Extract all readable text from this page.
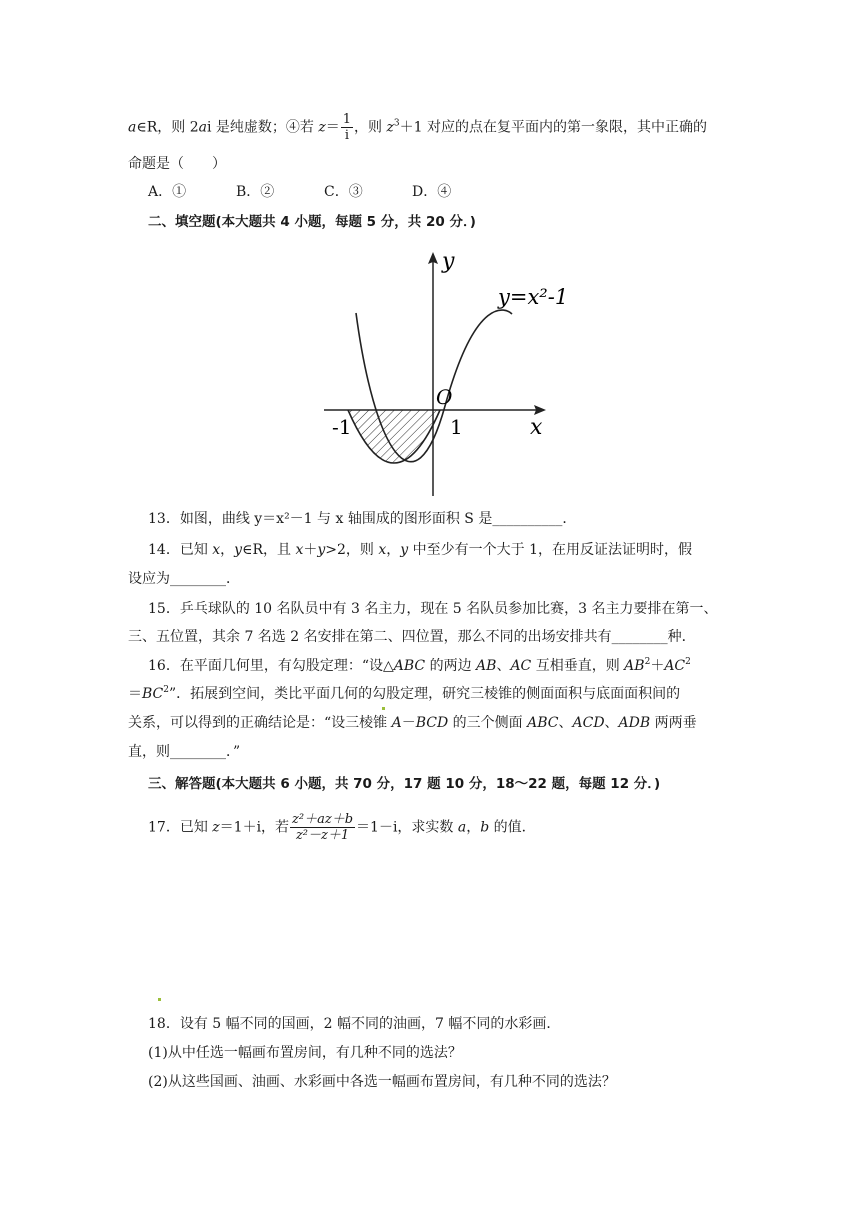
a∈R，则 2ai 是纯虚数；④若 $z= \frac{1}{i}$ ，则 $z^3+1$ 对应的点在复平面内的第一象限，其中正确的
命题是（　　）
A．①	B．②	C．③	D．④
二、填空题(本大题共 4 小题，每题 5 分，共 20 分．)
y
y=x²-1
O
-1	1	x
13．如图，曲线 y＝x²－1 与 x 轴围成的图形面积 S 是__________．
14．已知 x，y∈R，且 x＋y>2，则 x，y 中至少有一个大于 1，在用反证法证明时，假
设应为________．
15．乒乓球队的 10 名队员中有 3 名主力，现在 5 名队员参加比赛，3 名主力要排在第一、
三、五位置，其余 7 名选 2 名安排在第二、四位置，那么不同的出场安排共有________种．
16．在平面几何里，有勾股定理：“设△ABC 的两边 AB、AC 互相垂直，则 $AB^2+AC^2$
$=BC^2$”．拓展到空间，类比平面几何的勾股定理，研究三棱锥的侧面面积与底面面积间的
关系，可以得到的正确结论是：“设三棱锥 A－BCD 的三个侧面 ABC、ACD、ADB 两两垂
直，则________．”
三、解答题(本大题共 6 小题，共 70 分，17 题 10 分，18～22 题，每题 12 分．)
17．已知 z＝1＋i，若 $\frac{\text{z²＋az＋b}}{\text{z²－z＋1}} =1-i$，求实数 a，b 的值．
18．设有 5 幅不同的国画，2 幅不同的油画，7 幅不同的水彩画．
(1)从中任选一幅画布置房间，有几种不同的选法？
(2)从这些国画、油画、水彩画中各选一幅画布置房间，有几种不同的选法？
